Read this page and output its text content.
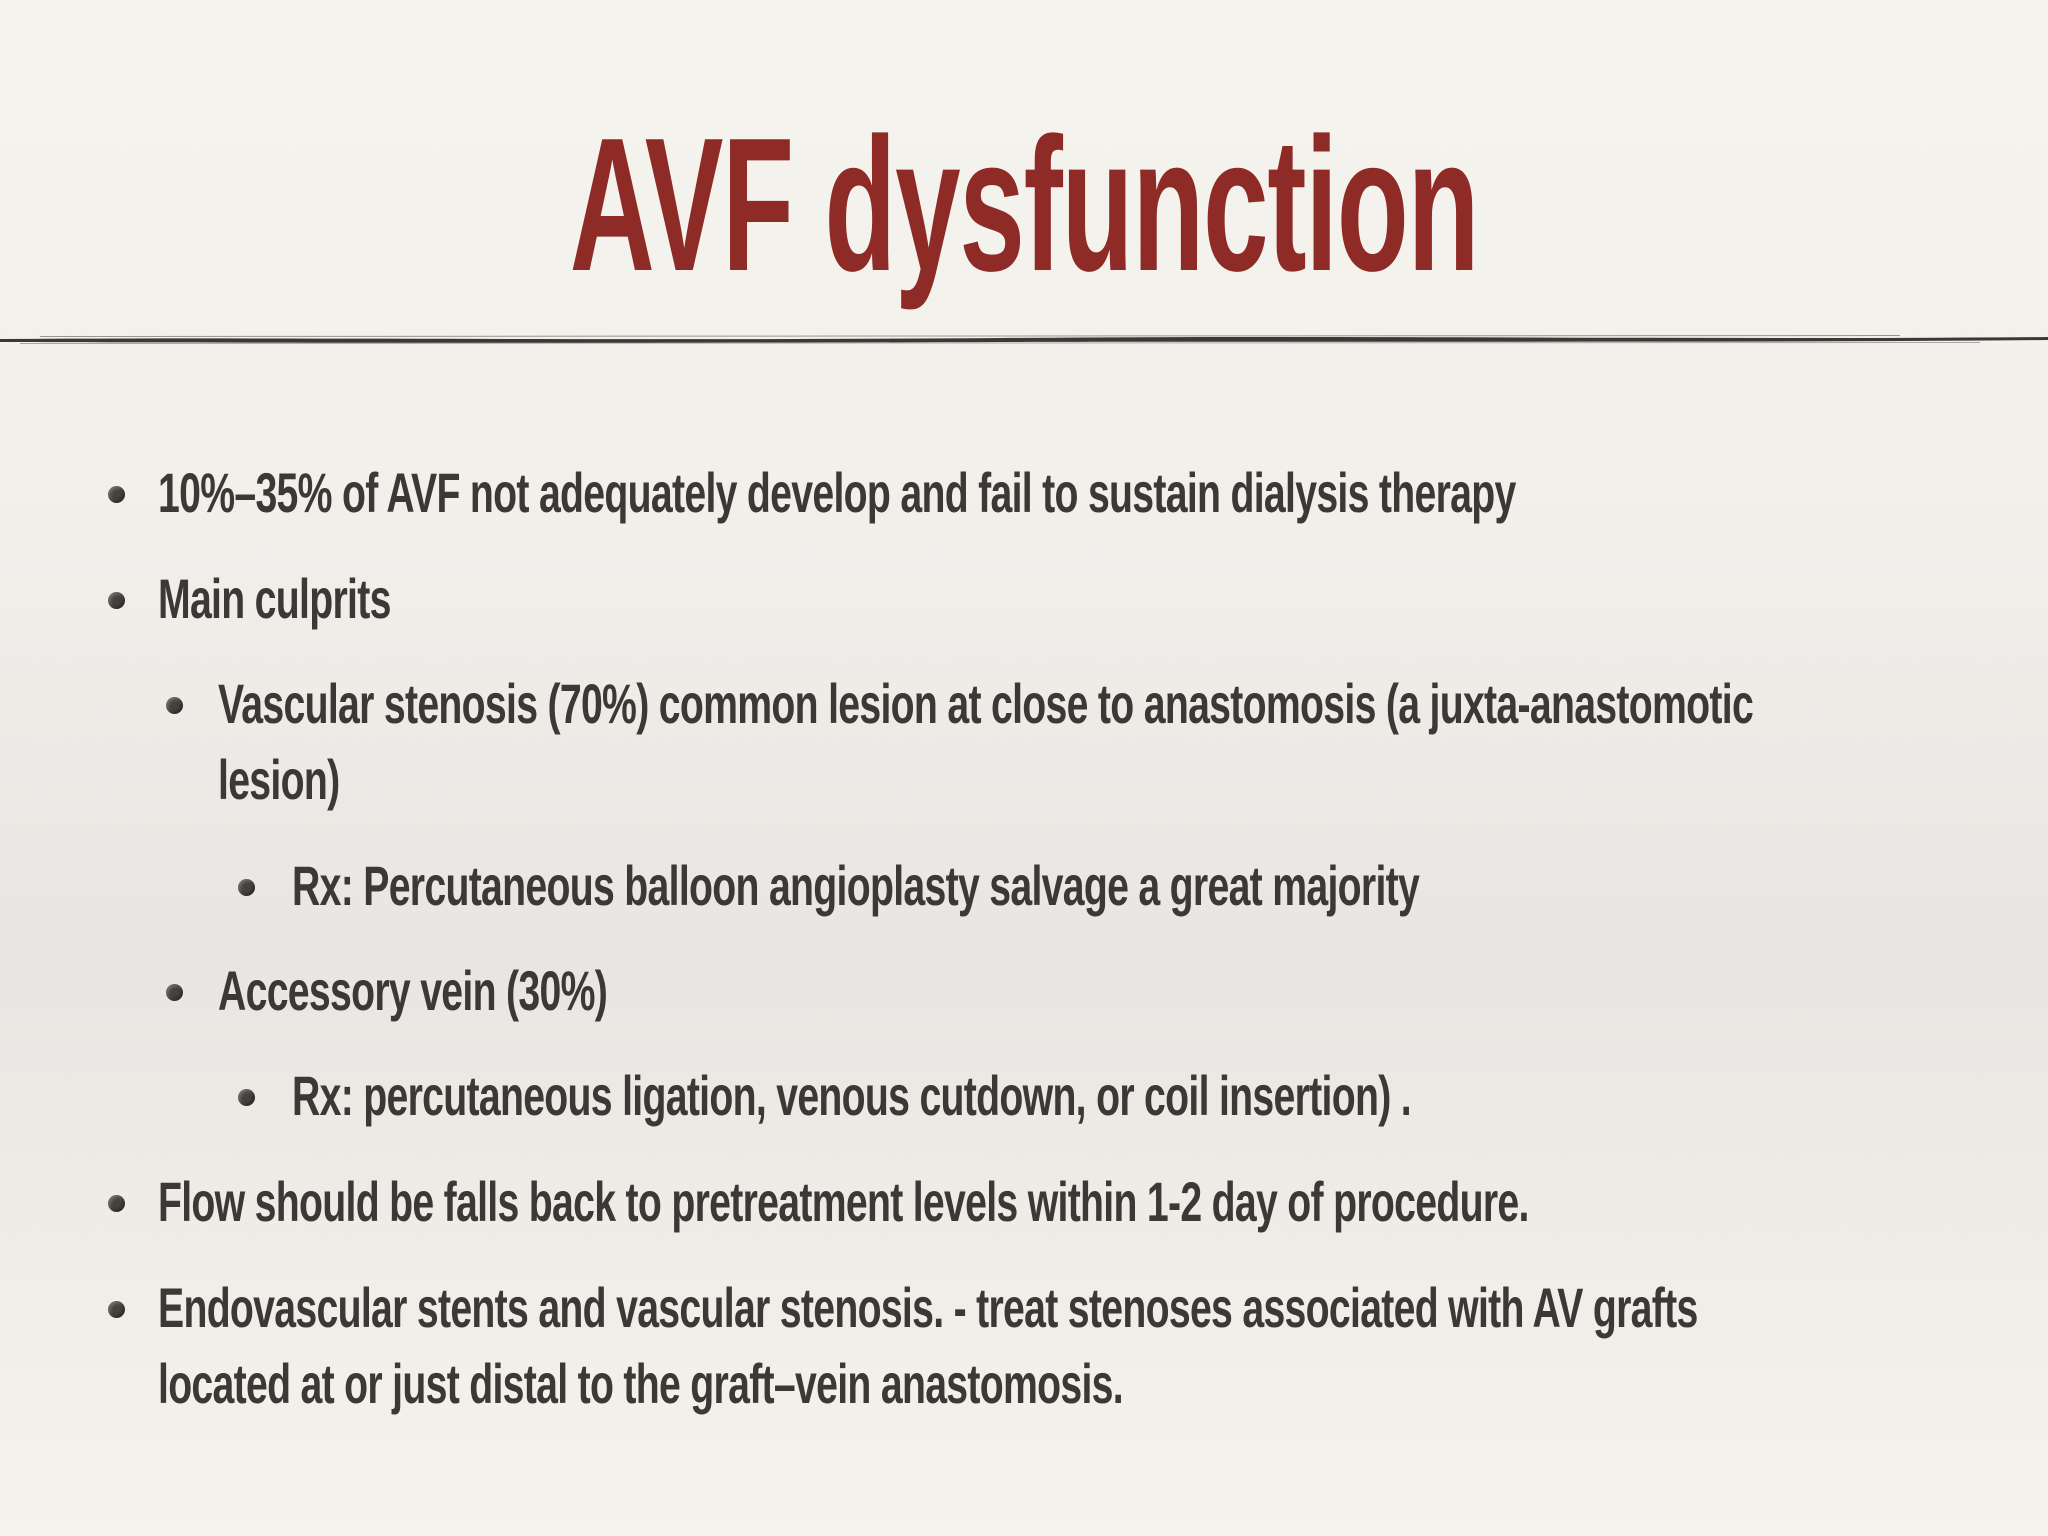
AVF dysfunction
10%–35% of AVF not adequately develop and fail to sustain dialysis therapy
Main culprits
Vascular stenosis (70%) common lesion at close to anastomosis (a juxta-anastomotic
lesion)
Rx: Percutaneous balloon angioplasty salvage a great majority
Accessory vein (30%)
Rx: percutaneous ligation, venous cutdown, or coil insertion) .
Flow should be falls back to pretreatment levels within 1-2 day of procedure.
Endovascular stents and vascular stenosis. - treat stenoses associated with AV grafts
located at or just distal to the graft–vein anastomosis.
